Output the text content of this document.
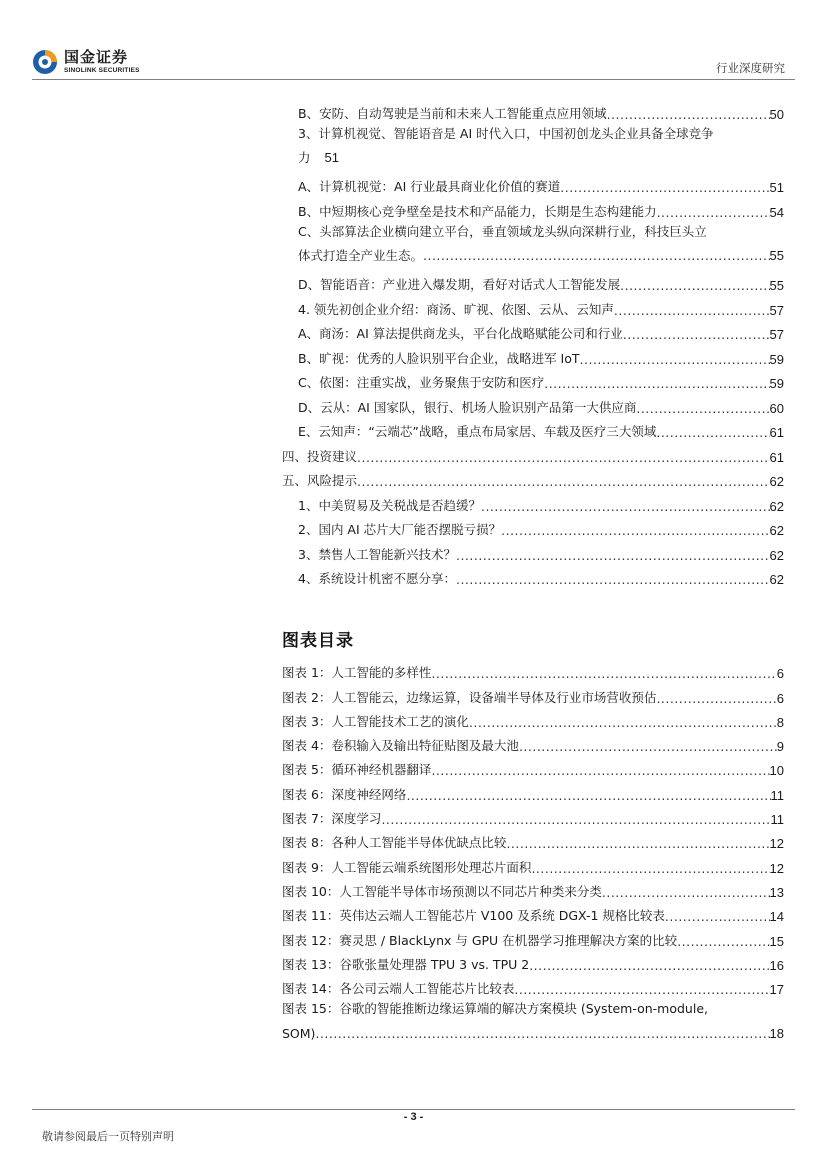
国金证券
SINOLINK SECURITIES	行业深度研究
B、安防、自动驾驶是当前和未来人工智能重点应用领域 .....	50
3、计算机视觉、智能语音是 AI 时代入口，中国初创龙头企业具备全球竞争
力 51
A、计算机视觉：AI 行业最具商业化价值的赛道 .....	51
B、中短期核心竞争壁垒是技术和产品能力，长期是生态构建能力 .....	54
C、头部算法企业横向建立平台，垂直领域龙头纵向深耕行业，科技巨头立
体式打造全产业生态。 .....	55
D、智能语音：产业进入爆发期，看好对话式人工智能发展 .....	55
4. 领先初创企业介绍：商汤、旷视、依图、云从、云知声 .....	57
A、商汤：AI 算法提供商龙头，平台化战略赋能公司和行业 .....	57
B、旷视：优秀的人脸识别平台企业，战略进军 IoT .....	59
C、依图：注重实战，业务聚焦于安防和医疗 .....	59
D、云从：AI 国家队，银行、机场人脸识别产品第一大供应商 .....	60
E、云知声：“云端芯”战略，重点布局家居、车载及医疗三大领域 .....	61
四、投资建议 .....	61
五、风险提示 .....	62
1、中美贸易及关税战是否趋缓？ .....	62
2、国内 AI 芯片大厂能否摆脱亏损？ .....	62
3、禁售人工智能新兴技术？ .....	62
4、系统设计机密不愿分享： .....	62
图表目录
图表 1：人工智能的多样性 .....	6
图表 2：人工智能云，边缘运算，设备端半导体及行业市场营收预估 .....	6
图表 3：人工智能技术工艺的演化 .....	8
图表 4：卷积输入及输出特征贴图及最大池 .....	9
图表 5：循环神经机器翻译 .....	10
图表 6：深度神经网络 .....	11
图表 7：深度学习 .....	11
图表 8：各种人工智能半导体优缺点比较 .....	12
图表 9：人工智能云端系统图形处理芯片面积 .....	12
图表 10：人工智能半导体市场预测以不同芯片种类来分类 .....	13
图表 11：英伟达云端人工智能芯片 V100 及系统 DGX-1 规格比较表 .....	14
图表 12：赛灵思 / BlackLynx 与 GPU 在机器学习推理解决方案的比较 .....	15
图表 13：谷歌张量处理器 TPU 3 vs. TPU 2 .....	16
图表 14：各公司云端人工智能芯片比较表 .....	17
图表 15：谷歌的智能推断边缘运算端的解决方案模块 (System-on-module,
SOM) .....	18
- 3 -
敬请参阅最后一页特别声明
